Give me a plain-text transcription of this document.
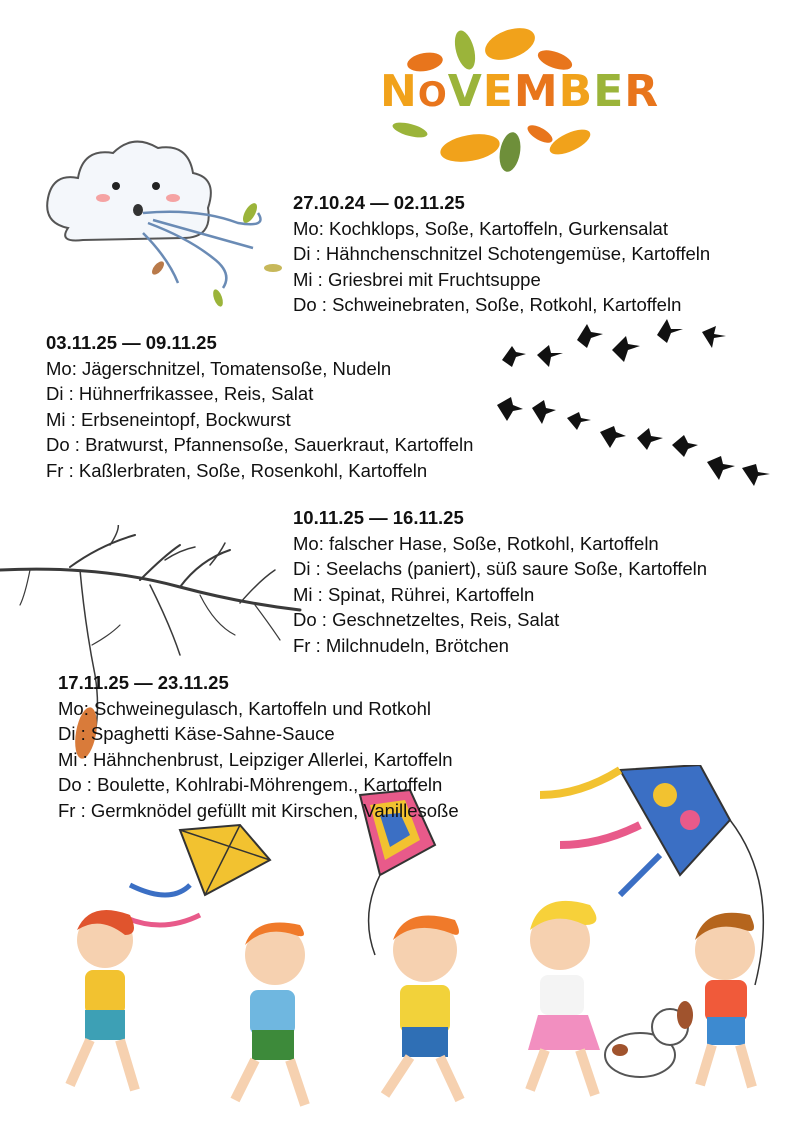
NOVEMBER
27.10.24 — 02.11.25
Mo: Kochklops, Soße, Kartoffeln, Gurkensalat
Di : Hähnchenschnitzel Schotengemüse, Kartoffeln
Mi : Griesbrei mit Fruchtsuppe
Do : Schweinebraten, Soße, Rotkohl, Kartoffeln
03.11.25 — 09.11.25
Mo: Jägerschnitzel, Tomatensoße, Nudeln
Di : Hühnerfrikassee, Reis, Salat
Mi : Erbseneintopf, Bockwurst
Do : Bratwurst, Pfannensoße, Sauerkraut, Kartoffeln
Fr : Kaßlerbraten, Soße, Rosenkohl, Kartoffeln
10.11.25 — 16.11.25
Mo: falscher Hase, Soße, Rotkohl, Kartoffeln
Di : Seelachs (paniert), süß saure Soße, Kartoffeln
Mi : Spinat, Rührei, Kartoffeln
Do : Geschnetzeltes, Reis, Salat
Fr : Milchnudeln, Brötchen
17.11.25 — 23.11.25
Mo: Schweinegulasch, Kartoffeln und Rotkohl
Di : Spaghetti Käse-Sahne-Sauce
Mi : Hähnchenbrust, Leipziger Allerlei, Kartoffeln
Do : Boulette, Kohlrabi-Möhrengem., Kartoffeln
Fr : Germknödel gefüllt mit Kirschen, Vanillesoße
